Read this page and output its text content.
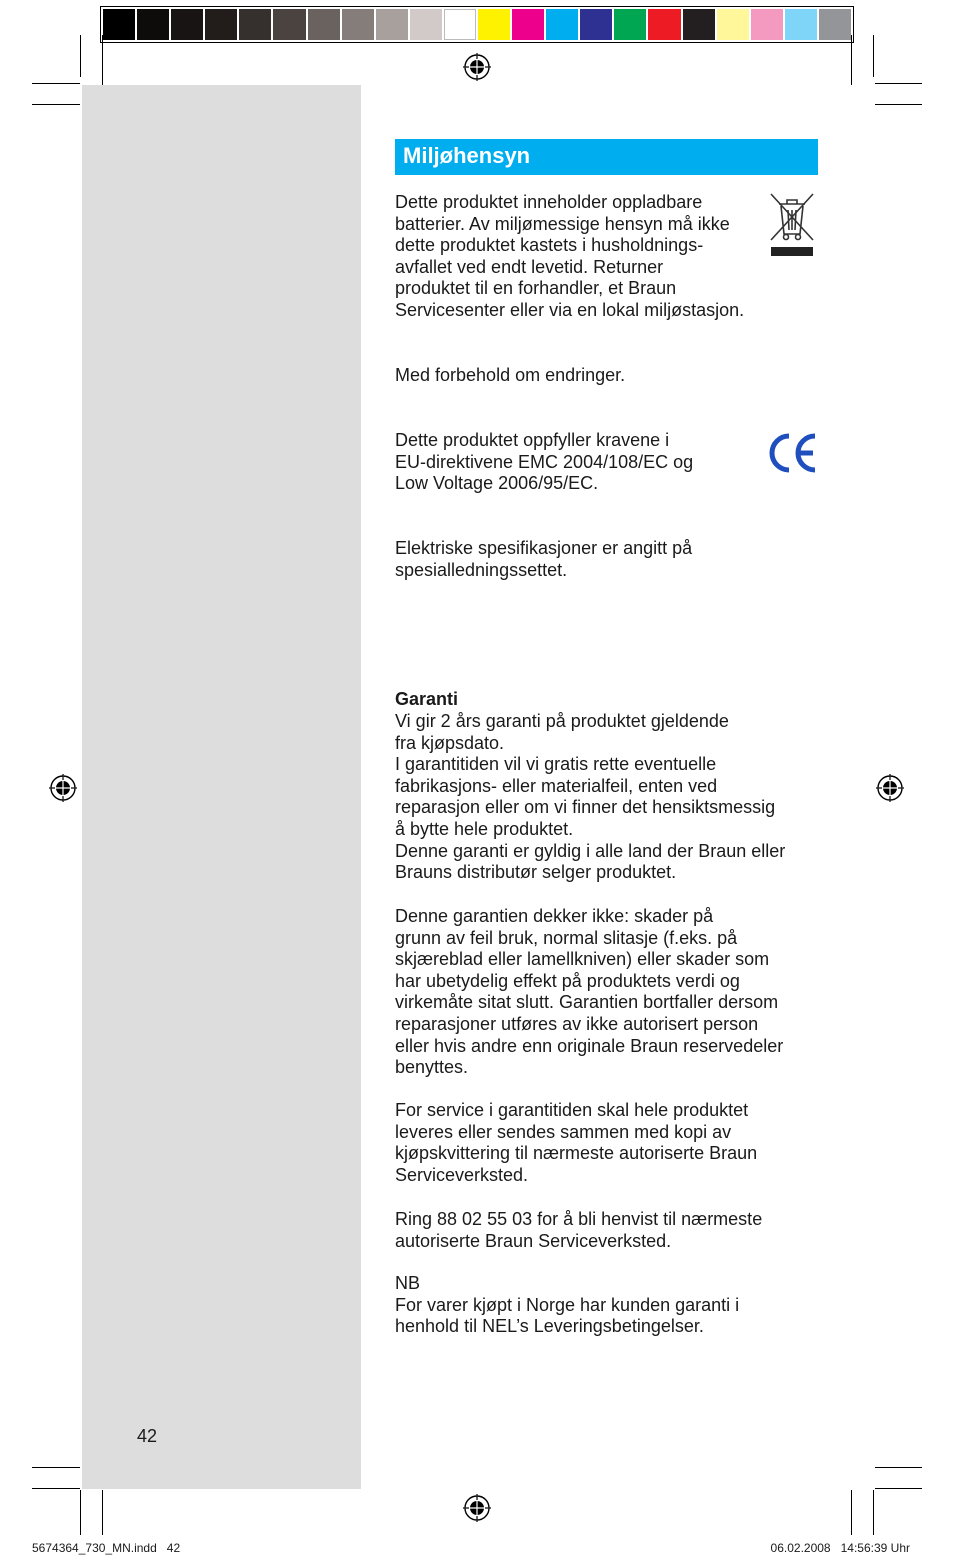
Miljøhensyn

Dette produktet inneholder oppladbare
batterier. Av miljømessige hensyn må ikke
dette produktet kastets i husholdnings-
avfallet ved endt levetid. Returner
produktet til en forhandler, et Braun
Servicesenter eller via en lokal miljøstasjon.

Med forbehold om endringer.

Dette produktet oppfyller kravene i
EU-direktivene EMC 2004/108/EC og
Low Voltage 2006/95/EC.

Elektriske spesifikasjoner er angitt på
spesialledningssettet.

Garanti

Vi gir 2 års garanti på produktet gjeldende
fra kjøpsdato.
I garantitiden vil vi gratis rette eventuelle
fabrikasjons- eller materialfeil, enten ved
reparasjon eller om vi finner det hensiktsmessig
å bytte hele produktet.
Denne garanti er gyldig i alle land der Braun eller
Brauns distributør selger produktet.

Denne garantien dekker ikke: skader på
grunn av feil bruk, normal slitasje (f.eks. på
skjæreblad eller lamellkniven) eller skader som
har ubetydelig effekt på produktets verdi og
virkemåte sitat slutt. Garantien bortfaller dersom
reparasjoner utføres av ikke autorisert person
eller hvis andre enn originale Braun reservedeler
benyttes.

For service i garantitiden skal hele produktet
leveres eller sendes sammen med kopi av
kjøpskvittering til nærmeste autoriserte Braun
Serviceverksted.

Ring 88 02 55 03 for å bli henvist til nærmeste
autoriserte Braun Serviceverksted.

NB
For varer kjøpt i Norge har kunden garanti i
henhold til NEL’s Leveringsbetingelser.

42
5674364_730_MN.indd   42	06.02.2008   14:56:39 Uhr
